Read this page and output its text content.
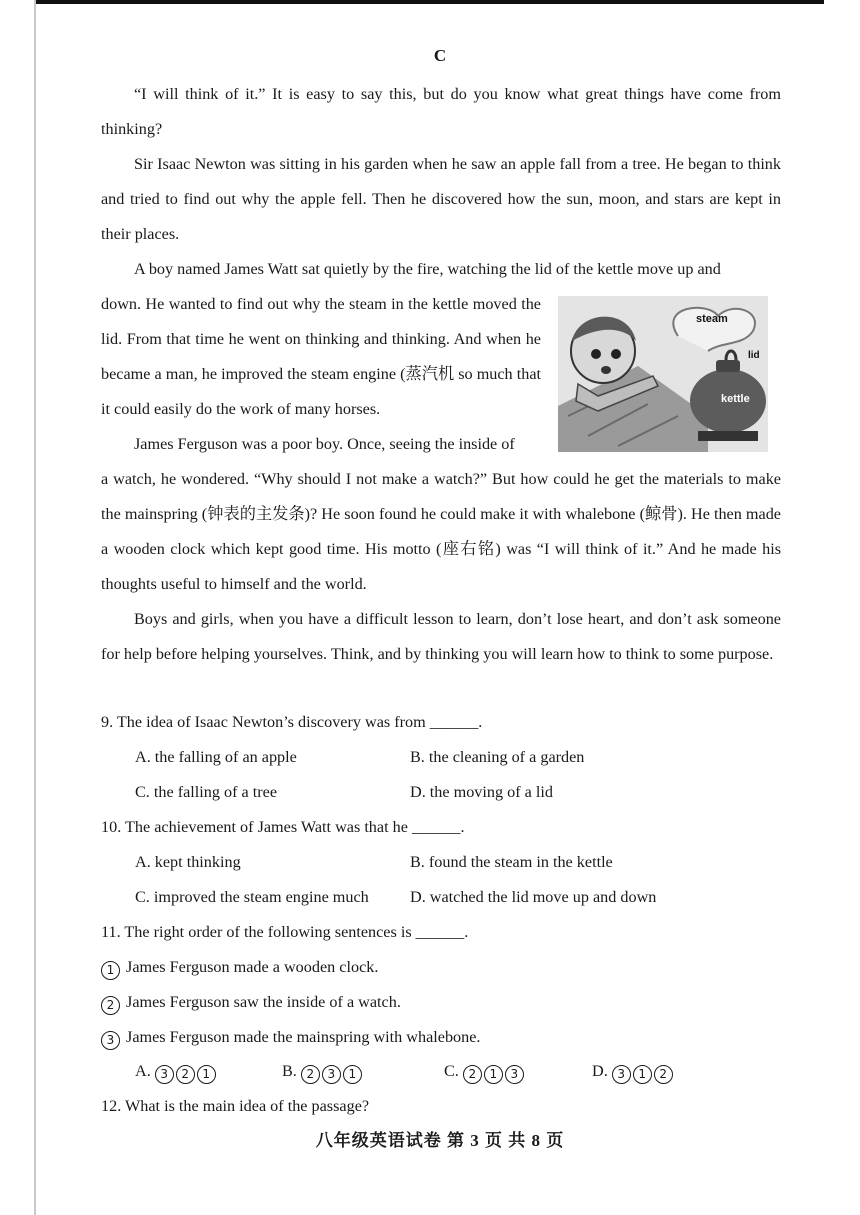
C

“I will think of it.” It is easy to say this, but do you know what great things have come from thinking?

Sir Isaac Newton was sitting in his garden when he saw an apple fall from a tree. He began to think and tried to find out why the apple fell. Then he discovered how the sun, moon, and stars are kept in their places.

A boy named James Watt sat quietly by the fire, watching the lid of the kettle move up and

down. He wanted to find out why the steam in the kettle moved the lid. From that time he went on thinking and thinking. And when he became a man, he improved the steam engine (蒸汽机 so much that it could easily do the work of many horses.

James Ferguson was a poor boy. Once, seeing the inside of

a watch, he wondered. “Why should I not make a watch?” But how could he get the materials to make the mainspring (钟表的主发条)? He soon found he could make it with whalebone (鲸骨). He then made a wooden clock which kept good time. His motto (座右铭) was “I will think of it.” And he made his thoughts useful to himself and the world.

Boys and girls, when you have a difficult lesson to learn, don’t lose heart, and don’t ask someone for help before helping yourselves. Think, and by thinking you will learn how to think to some purpose.

steam
lid
kettle
9. The idea of Isaac Newton’s discovery was from ______.
A. the falling of an apple	B. the cleaning of a garden
C. the falling of a tree	D. the moving of a lid
10. The achievement of James Watt was that he ______.
A. kept thinking	B. found the steam in the kettle
C. improved the steam engine much	D. watched the lid move up and down
11. The right order of the following sentences is ______.
1 James Ferguson made a wooden clock.
2 James Ferguson saw the inside of a watch.
3 James Ferguson made the mainspring with whalebone.
A. 3 2 1	B. 2 3 1	C. 2 1 3	D. 3 1 2
12. What is the main idea of the passage?
八年级英语试卷 第 3 页 共 8 页
